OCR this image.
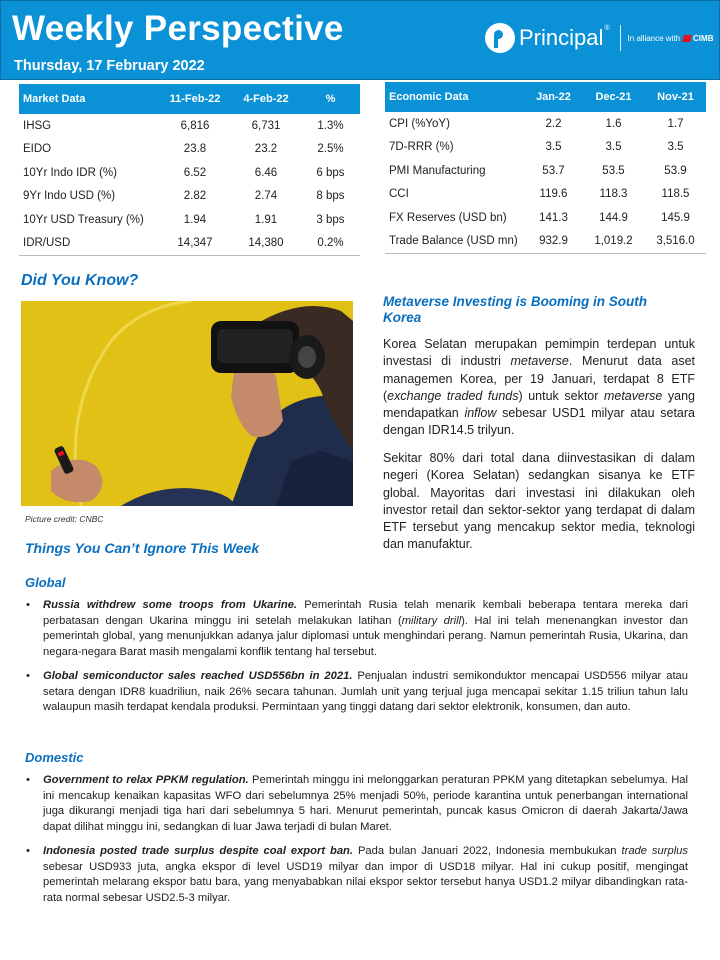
Weekly Perspective
Thursday, 17 February 2022
Principal®
In alliance with CIMB
Market Data	11-Feb-22	4-Feb-22	%
IHSG	6,816	6,731	1.3%
EIDO	23.8	23.2	2.5%
10Yr Indo IDR (%)	6.52	6.46	6 bps
9Yr Indo USD (%)	2.82	2.74	8 bps
10Yr USD Treasury (%)	1.94	1.91	3 bps
IDR/USD	14,347	14,380	0.2%
Economic Data	Jan-22	Dec-21	Nov-21
CPI (%YoY)	2.2	1.6	1.7
7D-RRR (%)	3.5	3.5	3.5
PMI Manufacturing	53.7	53.5	53.9
CCI	119.6	118.3	118.5
FX Reserves (USD bn)	141.3	144.9	145.9
Trade Balance (USD mn)	932.9	1,019.2	3,516.0
Did You Know?
Picture credit: CNBC
Metaverse Investing is Booming in South Korea

Korea Selatan merupakan pemimpin terdepan untuk investasi di industri metaverse. Menurut data aset managemen Korea, per 19 Januari, terdapat 8 ETF (exchange traded funds) untuk sektor metaverse yang mendapatkan inflow sebesar USD1 milyar atau setara dengan IDR14.5 trilyun.

Sekitar 80% dari total dana diinvestasikan di dalam negeri (Korea Selatan) sedangkan sisanya ke ETF global. Mayoritas dari investasi ini dilakukan oleh investor retail dan sektor-sektor yang terdapat di dalam ETF tersebut yang mencakup sektor media, teknologi dan manufaktur.

Things You Can’t Ignore This Week
Global
• Russia withdrew some troops from Ukarine. Pemerintah Rusia telah menarik kembali beberapa tentara mereka dari perbatasan dengan Ukarina minggu ini setelah melakukan latihan (military drill). Hal ini telah menenangkan investor dan pemerintah global, yang menunjukkan adanya jalur diplomasi untuk menghindari perang. Namun pemerintah Rusia, Ukarina, dan negara-negara Barat masih mengalami konflik tentang hal tersebut.
• Global semiconductor sales reached USD556bn in 2021. Penjualan industri semikonduktor mencapai USD556 milyar atau setara dengan IDR8 kuadriliun, naik 26% secara tahunan. Jumlah unit yang terjual juga mencapai sekitar 1.15 triliun tahun lalu walaupun masih terdapat kendala produksi. Permintaan yang tinggi datang dari sektor elektronik, konsumen, dan auto.
Domestic
• Government to relax PPKM regulation. Pemerintah minggu ini melonggarkan peraturan PPKM yang ditetapkan sebelumya. Hal ini mencakup kenaikan kapasitas WFO dari sebelumnya 25% menjadi 50%, periode karantina untuk penerbangan international juga dikurangi menjadi tiga hari dari sebelumnya 5 hari. Menurut pemerintah, puncak kasus Omicron di daerah Jakarta/Jawa dapat dilihat minggu ini, sedangkan di luar Jawa terjadi di bulan Maret.
• Indonesia posted trade surplus despite coal export ban. Pada bulan Januari 2022, Indonesia membukukan trade surplus sebesar USD933 juta, angka ekspor di level USD19 milyar dan impor di USD18 milyar. Hal ini cukup positif, mengingat pemerintah melarang ekspor batu bara, yang menyababkan nilai ekspor sektor tersebut hanya USD1.2 milyar dibandingkan rata-rata normal sebesar USD2.5-3 milyar.
